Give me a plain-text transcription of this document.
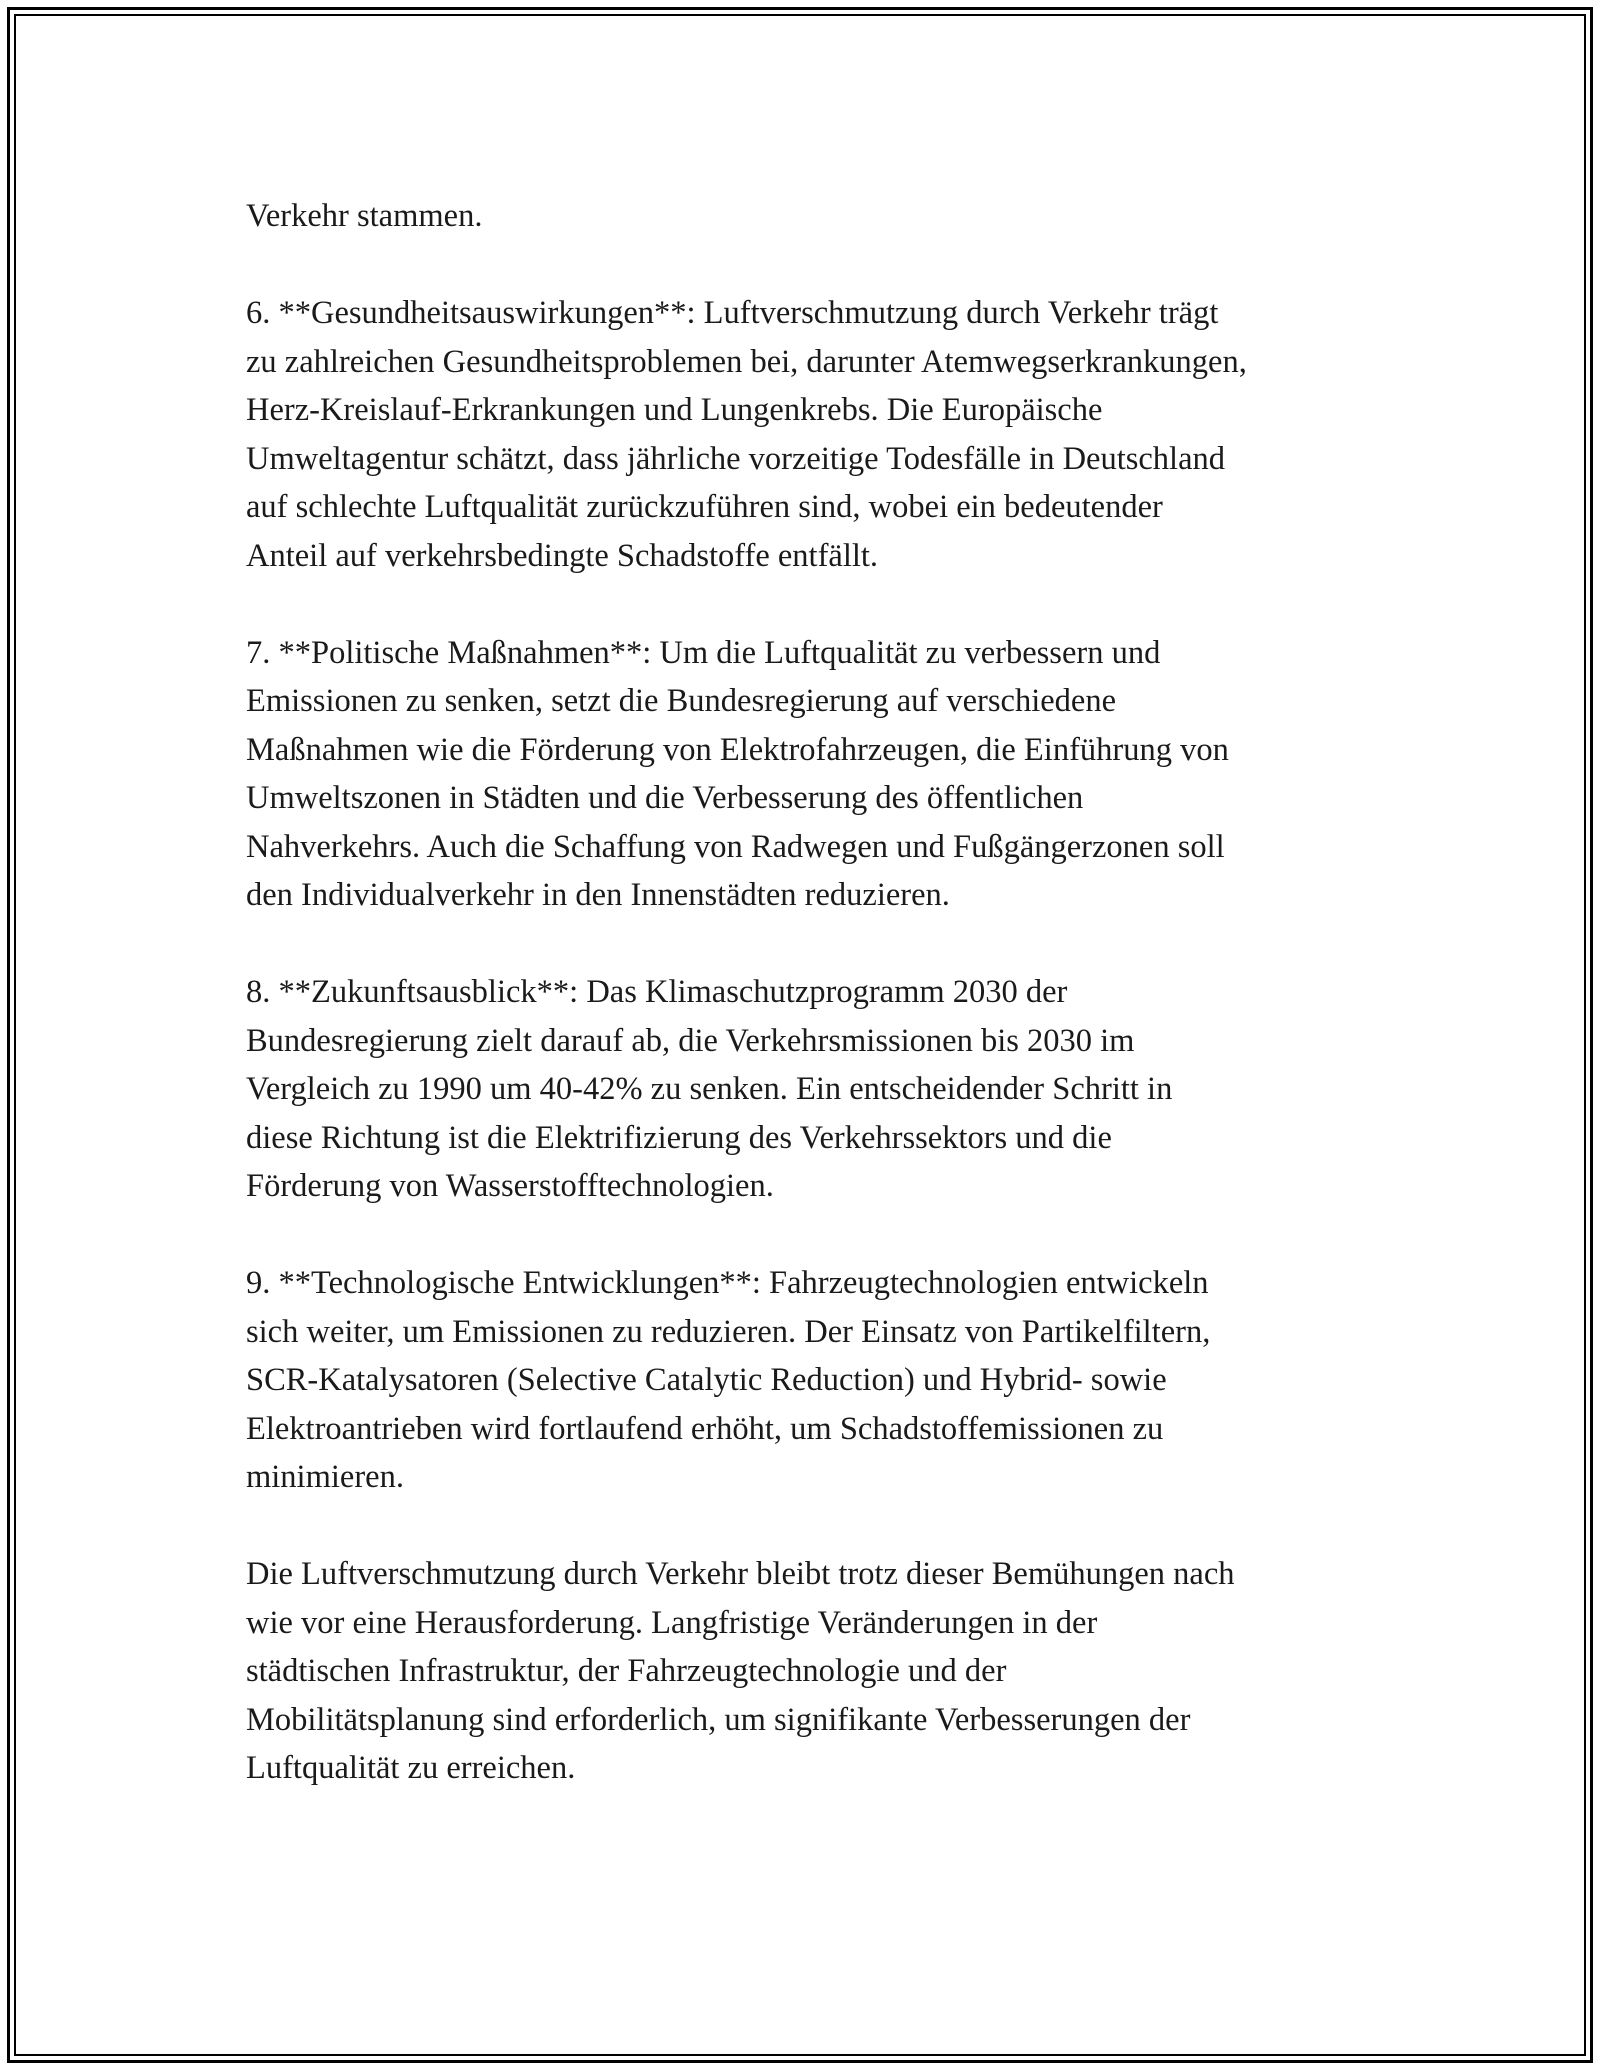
Verkehr stammen.

6. **Gesundheitsauswirkungen**: Luftverschmutzung durch Verkehr trägt
zu zahlreichen Gesundheitsproblemen bei, darunter Atemwegserkrankungen,
Herz-Kreislauf-Erkrankungen und Lungenkrebs. Die Europäische
Umweltagentur schätzt, dass jährliche vorzeitige Todesfälle in Deutschland
auf schlechte Luftqualität zurückzuführen sind, wobei ein bedeutender
Anteil auf verkehrsbedingte Schadstoffe entfällt.

7. **Politische Maßnahmen**: Um die Luftqualität zu verbessern und
Emissionen zu senken, setzt die Bundesregierung auf verschiedene
Maßnahmen wie die Förderung von Elektrofahrzeugen, die Einführung von
Umweltszonen in Städten und die Verbesserung des öffentlichen
Nahverkehrs. Auch die Schaffung von Radwegen und Fußgängerzonen soll
den Individualverkehr in den Innenstädten reduzieren.

8. **Zukunftsausblick**: Das Klimaschutzprogramm 2030 der
Bundesregierung zielt darauf ab, die Verkehrsmissionen bis 2030 im
Vergleich zu 1990 um 40-42% zu senken. Ein entscheidender Schritt in
diese Richtung ist die Elektrifizierung des Verkehrssektors und die
Förderung von Wasserstofftechnologien.

9. **Technologische Entwicklungen**: Fahrzeugtechnologien entwickeln
sich weiter, um Emissionen zu reduzieren. Der Einsatz von Partikelfiltern,
SCR-Katalysatoren (Selective Catalytic Reduction) und Hybrid- sowie
Elektroantrieben wird fortlaufend erhöht, um Schadstoffemissionen zu
minimieren.

Die Luftverschmutzung durch Verkehr bleibt trotz dieser Bemühungen nach
wie vor eine Herausforderung. Langfristige Veränderungen in der
städtischen Infrastruktur, der Fahrzeugtechnologie und der
Mobilitätsplanung sind erforderlich, um signifikante Verbesserungen der
Luftqualität zu erreichen.
